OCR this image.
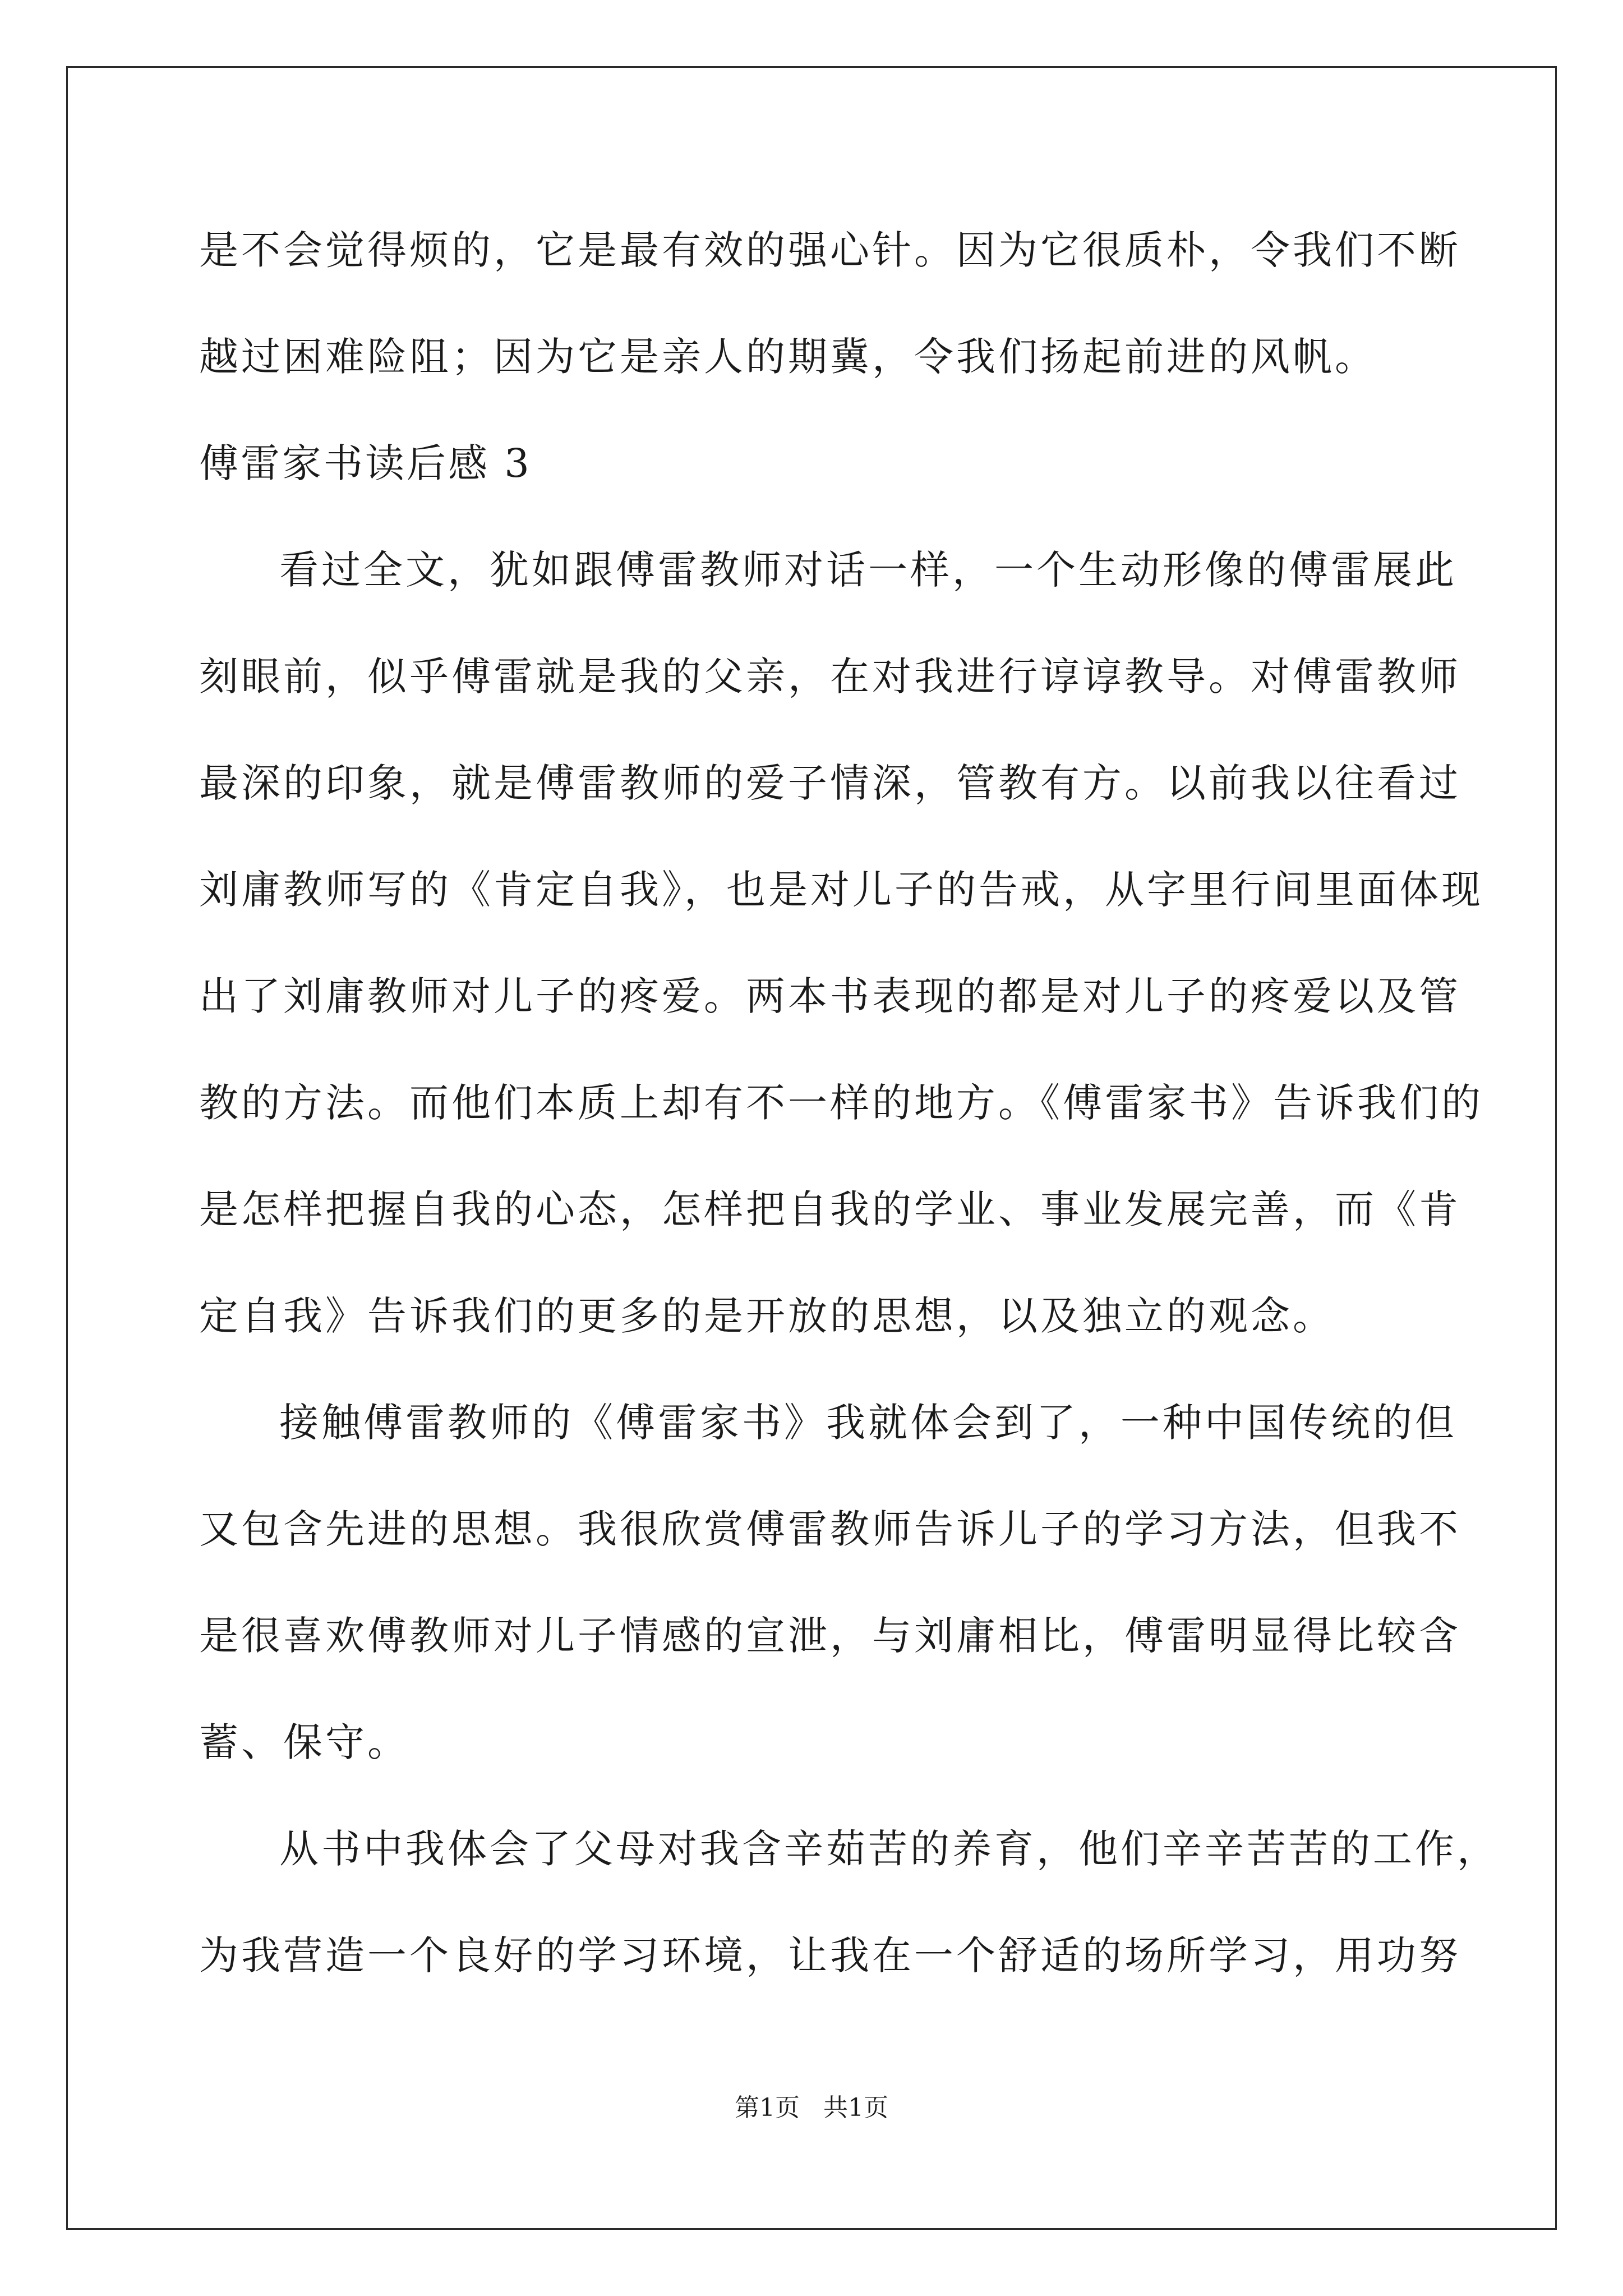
是不会觉得烦的，它是最有效的强心针。因为它很质朴，令我们不断
越过困难险阻；因为它是亲人的期冀，令我们扬起前进的风帆。
傅雷家书读后感 3
看过全文，犹如跟傅雷教师对话一样，一个生动形像的傅雷展此
刻眼前，似乎傅雷就是我的父亲，在对我进行谆谆教导。对傅雷教师
最深的印象，就是傅雷教师的爱子情深，管教有方。以前我以往看过
刘庸教师写的《肯定自我》，也是对儿子的告戒，从字里行间里面体现
出了刘庸教师对儿子的疼爱。两本书表现的都是对儿子的疼爱以及管
教的方法。而他们本质上却有不一样的地方。《傅雷家书》告诉我们的
是怎样把握自我的心态，怎样把自我的学业、事业发展完善，而《肯
定自我》告诉我们的更多的是开放的思想，以及独立的观念。
接触傅雷教师的《傅雷家书》我就体会到了，一种中国传统的但
又包含先进的思想。我很欣赏傅雷教师告诉儿子的学习方法，但我不
是很喜欢傅教师对儿子情感的宣泄，与刘庸相比，傅雷明显得比较含
蓄、保守。
从书中我体会了父母对我含辛茹苦的养育，他们辛辛苦苦的工作，
为我营造一个良好的学习环境，让我在一个舒适的场所学习，用功努
第1页   共1页
